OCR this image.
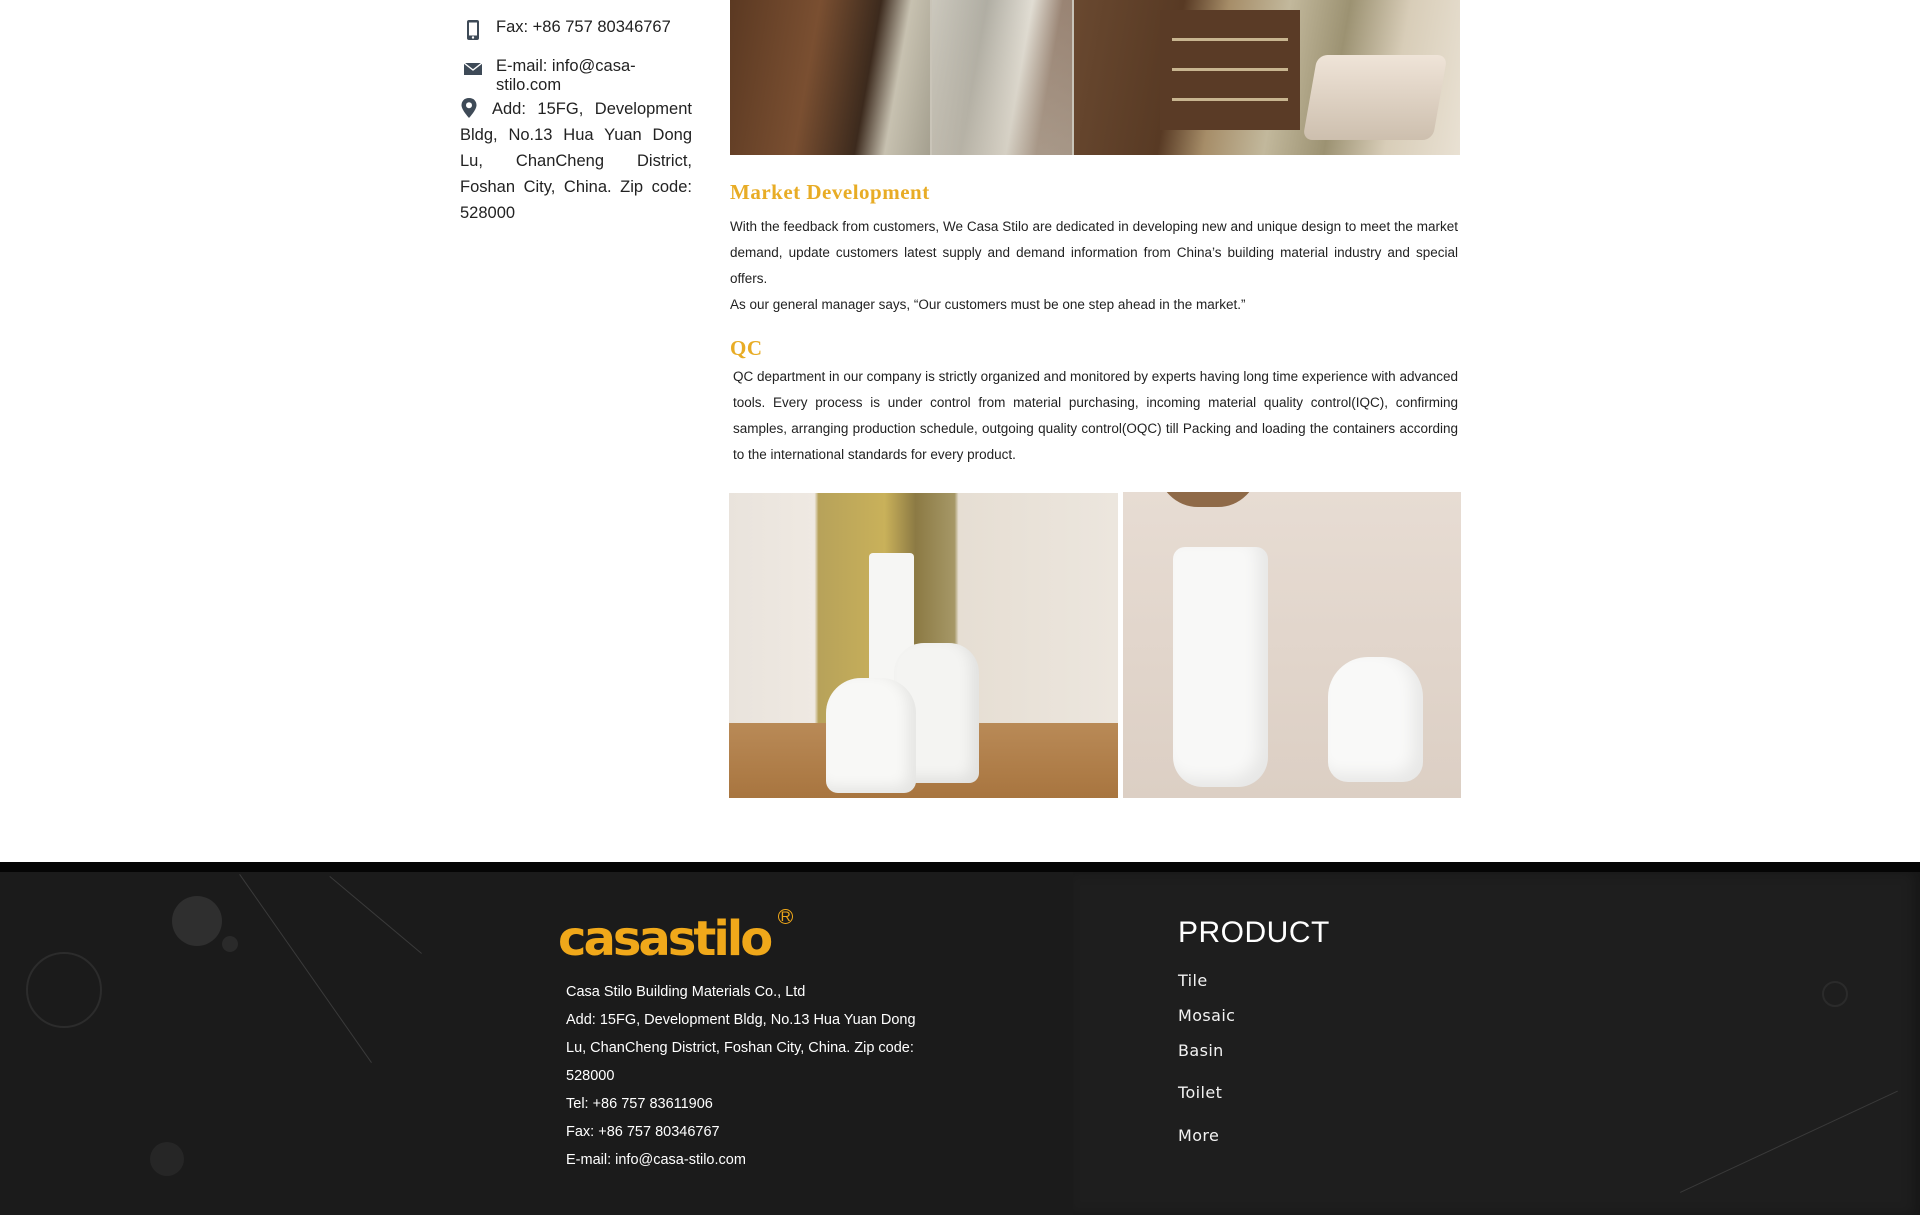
Fax: +86 757 80346767
E-mail: info@casa-stilo.com
Add: 15FG, Development Bldg, No.13 Hua Yuan Dong Lu, ChanCheng District, Foshan City, China. Zip code: 528000
Market Development
With the feedback from customers, We Casa Stilo are dedicated in developing new and unique design to meet the market demand, update customers latest supply and demand information from China’s building material industry and special offers.
As our general manager says, “Our customers must be one step ahead in the market.”
QC
QC department in our company is strictly organized and monitored by experts having long time experience with advanced tools. Every process is under control from material purchasing, incoming material quality control(IQC), confirming samples, arranging production schedule, outgoing quality control(OQC) till Packing and loading the containers according to the international standards for every product.
casastilo R
Casa Stilo Building Materials Co., Ltd
Add: 15FG, Development Bldg, No.13 Hua Yuan Dong Lu, ChanCheng District, Foshan City, China. Zip code: 528000
Tel: +86 757 83611906
Fax: +86 757 80346767
E-mail: info@casa-stilo.com
PRODUCT
Tile
Mosaic
Basin
Toilet
More
